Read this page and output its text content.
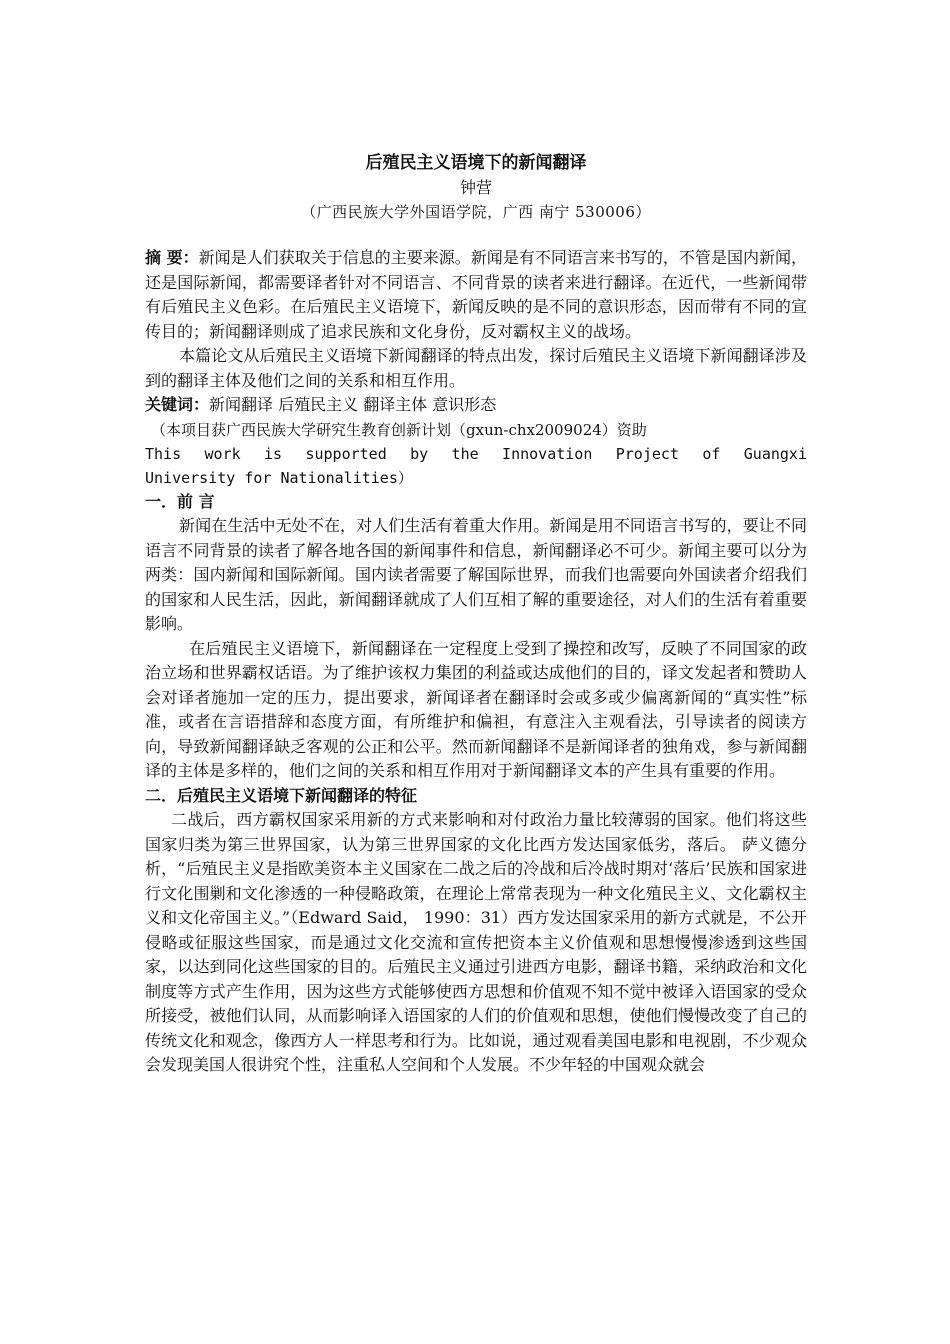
后殖民主义语境下的新闻翻译

钟营

（广西民族大学外国语学院，广西 南宁 530006）

摘 要：新闻是人们获取关于信息的主要来源。新闻是有不同语言来书写的，不管是国内新闻，还是国际新闻，都需要译者针对不同语言、不同背景的读者来进行翻译。在近代，一些新闻带有后殖民主义色彩。在后殖民主义语境下，新闻反映的是不同的意识形态，因而带有不同的宣传目的；新闻翻译则成了追求民族和文化身份，反对霸权主义的战场。

本篇论文从后殖民主义语境下新闻翻译的特点出发，探讨后殖民主义语境下新闻翻译涉及到的翻译主体及他们之间的关系和相互作用。

关键词：新闻翻译 后殖民主义 翻译主体 意识形态

（本项目获广西民族大学研究生教育创新计划（gxun-chx2009024）资助

This work is supported by the Innovation Project of Guangxi

University for Nationalities）

一．前 言

新闻在生活中无处不在，对人们生活有着重大作用。新闻是用不同语言书写的，要让不同语言不同背景的读者了解各地各国的新闻事件和信息，新闻翻译必不可少。新闻主要可以分为两类：国内新闻和国际新闻。国内读者需要了解国际世界，而我们也需要向外国读者介绍我们的国家和人民生活，因此，新闻翻译就成了人们互相了解的重要途径，对人们的生活有着重要影响。

在后殖民主义语境下，新闻翻译在一定程度上受到了操控和改写，反映了不同国家的政治立场和世界霸权话语。为了维护该权力集团的利益或达成他们的目的，译文发起者和赞助人会对译者施加一定的压力，提出要求，新闻译者在翻译时会或多或少偏离新闻的“真实性”标准，或者在言语措辞和态度方面，有所维护和偏袒，有意注入主观看法，引导读者的阅读方向，导致新闻翻译缺乏客观的公正和公平。然而新闻翻译不是新闻译者的独角戏，参与新闻翻译的主体是多样的，他们之间的关系和相互作用对于新闻翻译文本的产生具有重要的作用。

二．后殖民主义语境下新闻翻译的特征

二战后，西方霸权国家采用新的方式来影响和对付政治力量比较薄弱的国家。他们将这些国家归类为第三世界国家，认为第三世界国家的文化比西方发达国家低劣，落后。 萨义德分析，“后殖民主义是指欧美资本主义国家在二战之后的冷战和后冷战时期对‘落后’民族和国家进行文化围剿和文化渗透的一种侵略政策，在理论上常常表现为一种文化殖民主义、文化霸权主义和文化帝国主义。”（Edward Said， 1990：31）西方发达国家采用的新方式就是，不公开侵略或征服这些国家，而是通过文化交流和宣传把资本主义价值观和思想慢慢渗透到这些国家，以达到同化这些国家的目的。后殖民主义通过引进西方电影，翻译书籍，采纳政治和文化制度等方式产生作用，因为这些方式能够使西方思想和价值观不知不觉中被译入语国家的受众所接受，被他们认同，从而影响译入语国家的人们的价值观和思想，使他们慢慢改变了自己的传统文化和观念，像西方人一样思考和行为。比如说，通过观看美国电影和电视剧，不少观众会发现美国人很讲究个性，注重私人空间和个人发展。不少年轻的中国观众就会
